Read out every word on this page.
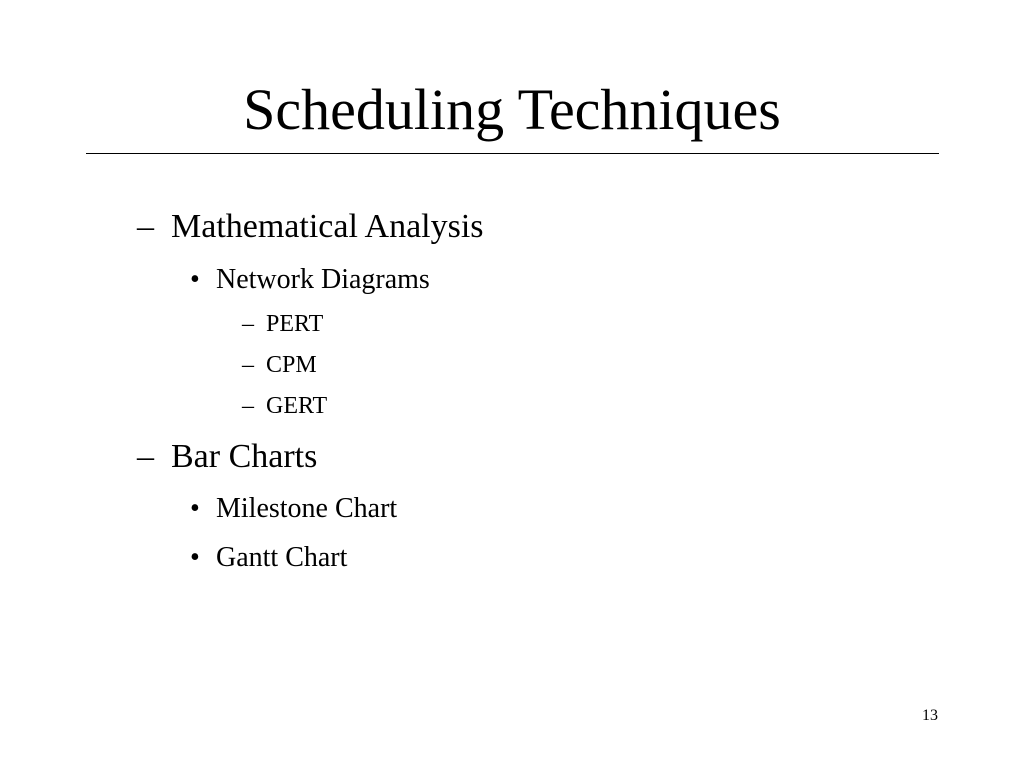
Scheduling Techniques
– Mathematical Analysis
• Network Diagrams
– PERT
– CPM
– GERT
– Bar Charts
• Milestone Chart
• Gantt Chart
13
